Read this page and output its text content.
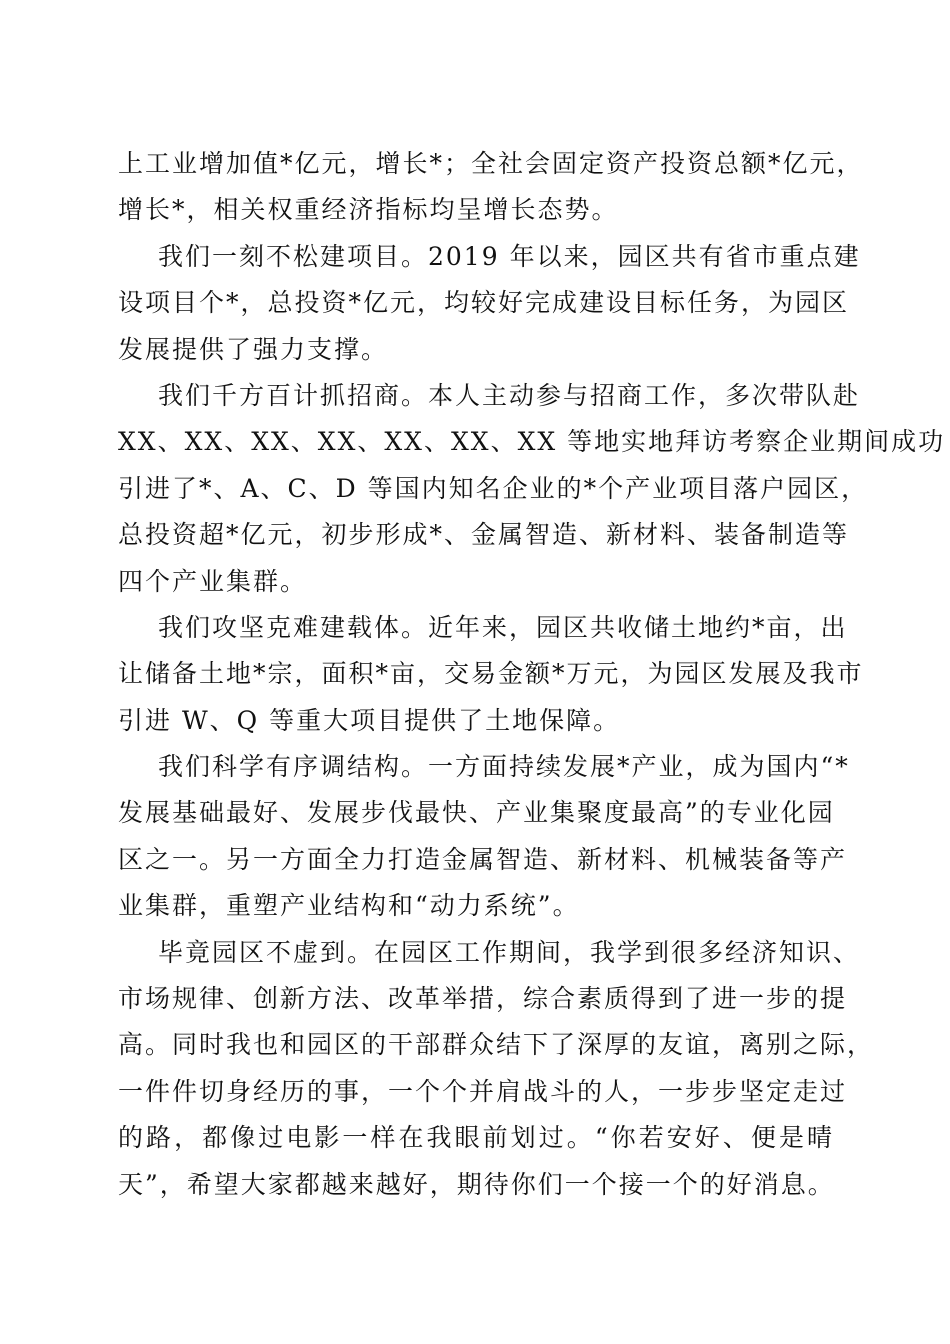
上工业增加值*亿元，增长*；全社会固定资产投资总额*亿元，
增长*，相关权重经济指标均呈增长态势。
我们一刻不松建项目。2019 年以来，园区共有省市重点建
设项目个*，总投资*亿元，均较好完成建设目标任务，为园区
发展提供了强力支撑。
我们千方百计抓招商。本人主动参与招商工作，多次带队赴
XX、XX、XX、XX、XX、XX、XX 等地实地拜访考察企业期间成功
引进了*、A、C、D 等国内知名企业的*个产业项目落户园区，
总投资超*亿元，初步形成*、金属智造、新材料、装备制造等
四个产业集群。
我们攻坚克难建载体。近年来，园区共收储土地约*亩，出
让储备土地*宗，面积*亩，交易金额*万元，为园区发展及我市
引进 W、Q 等重大项目提供了土地保障。
我们科学有序调结构。一方面持续发展*产业，成为国内“*
发展基础最好、发展步伐最快、产业集聚度最高”的专业化园
区之一。另一方面全力打造金属智造、新材料、机械装备等产
业集群，重塑产业结构和“动力系统”。
毕竟园区不虚到。在园区工作期间，我学到很多经济知识、
市场规律、创新方法、改革举措，综合素质得到了进一步的提
高。同时我也和园区的干部群众结下了深厚的友谊，离别之际，
一件件切身经历的事，一个个并肩战斗的人，一步步坚定走过
的路，都像过电影一样在我眼前划过。“你若安好、便是晴
天”，希望大家都越来越好，期待你们一个接一个的好消息。
